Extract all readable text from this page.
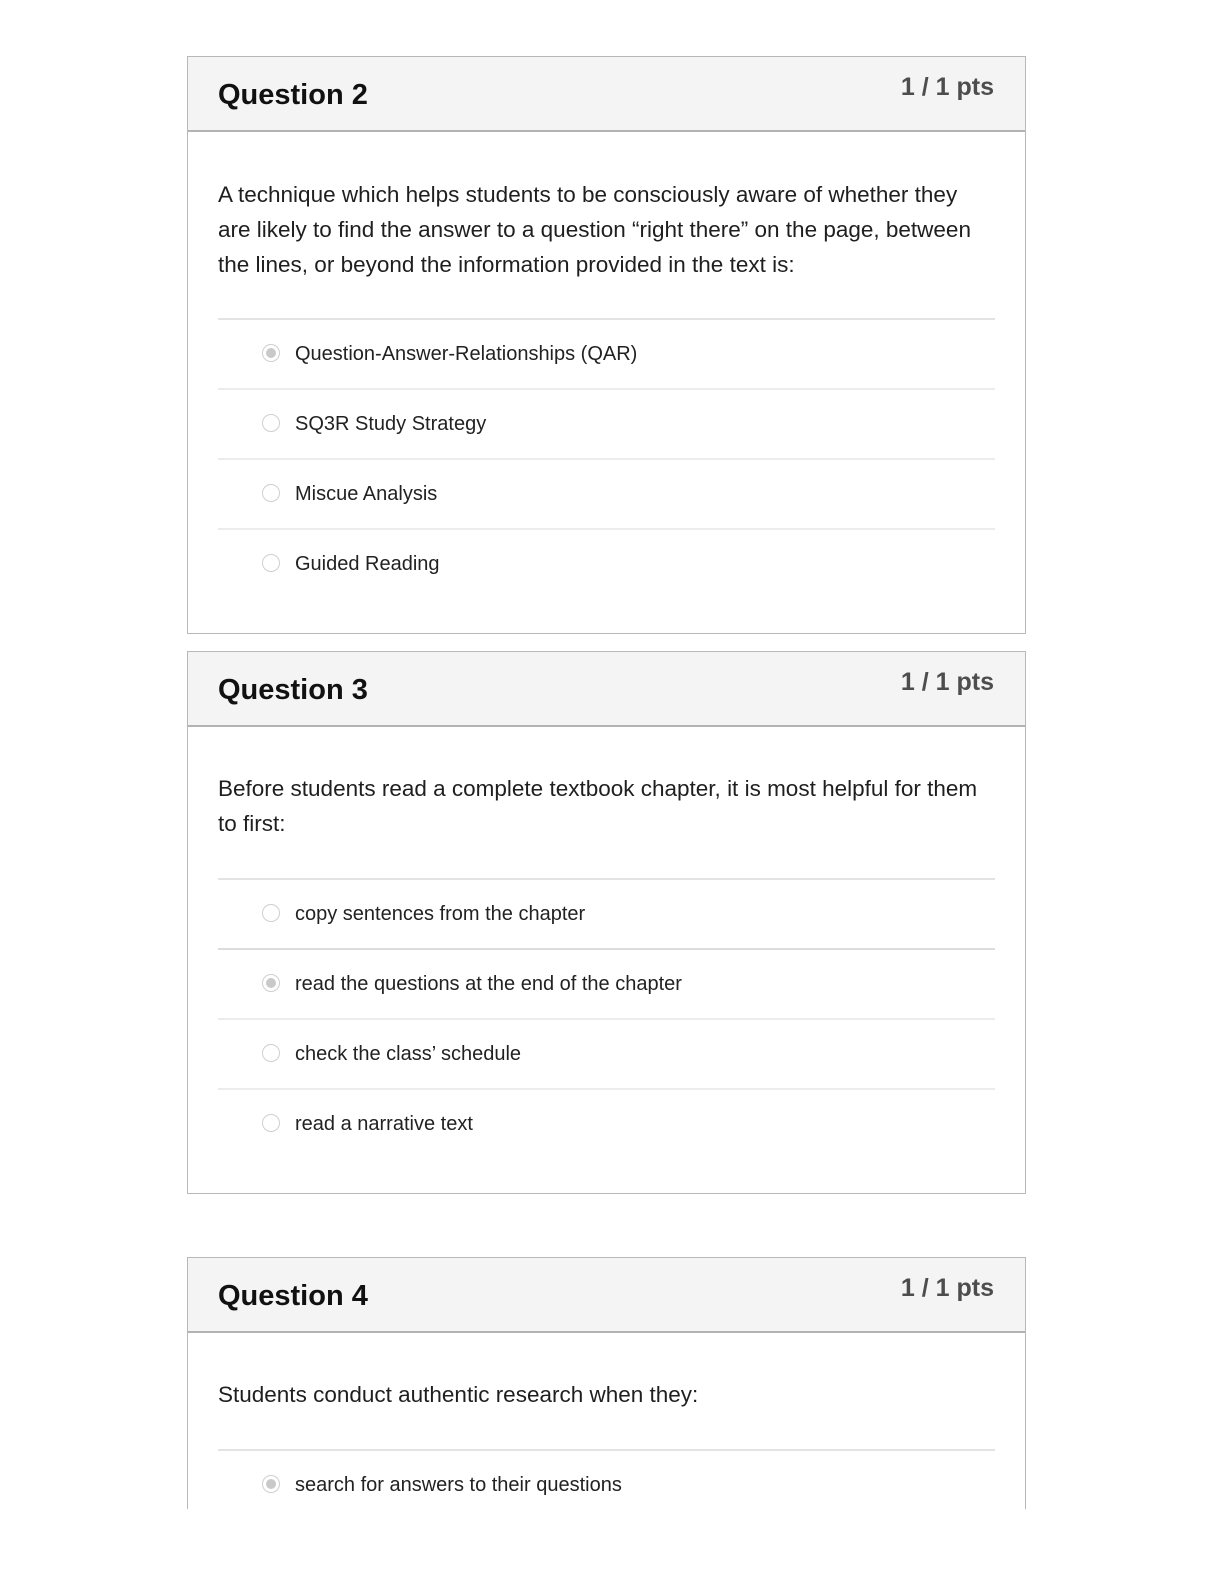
Question 2	1 / 1 pts

A technique which helps students to be consciously aware of whether they are likely to find the answer to a question “right there” on the page, between the lines, or beyond the information provided in the text is:

Question-Answer-Relationships (QAR)
SQ3R Study Strategy
Miscue Analysis
Guided Reading
Question 3	1 / 1 pts

Before students read a complete textbook chapter, it is most helpful for them to first:

copy sentences from the chapter
read the questions at the end of the chapter
check the class’ schedule
read a narrative text
Question 4	1 / 1 pts

Students conduct authentic research when they:

search for answers to their questions
